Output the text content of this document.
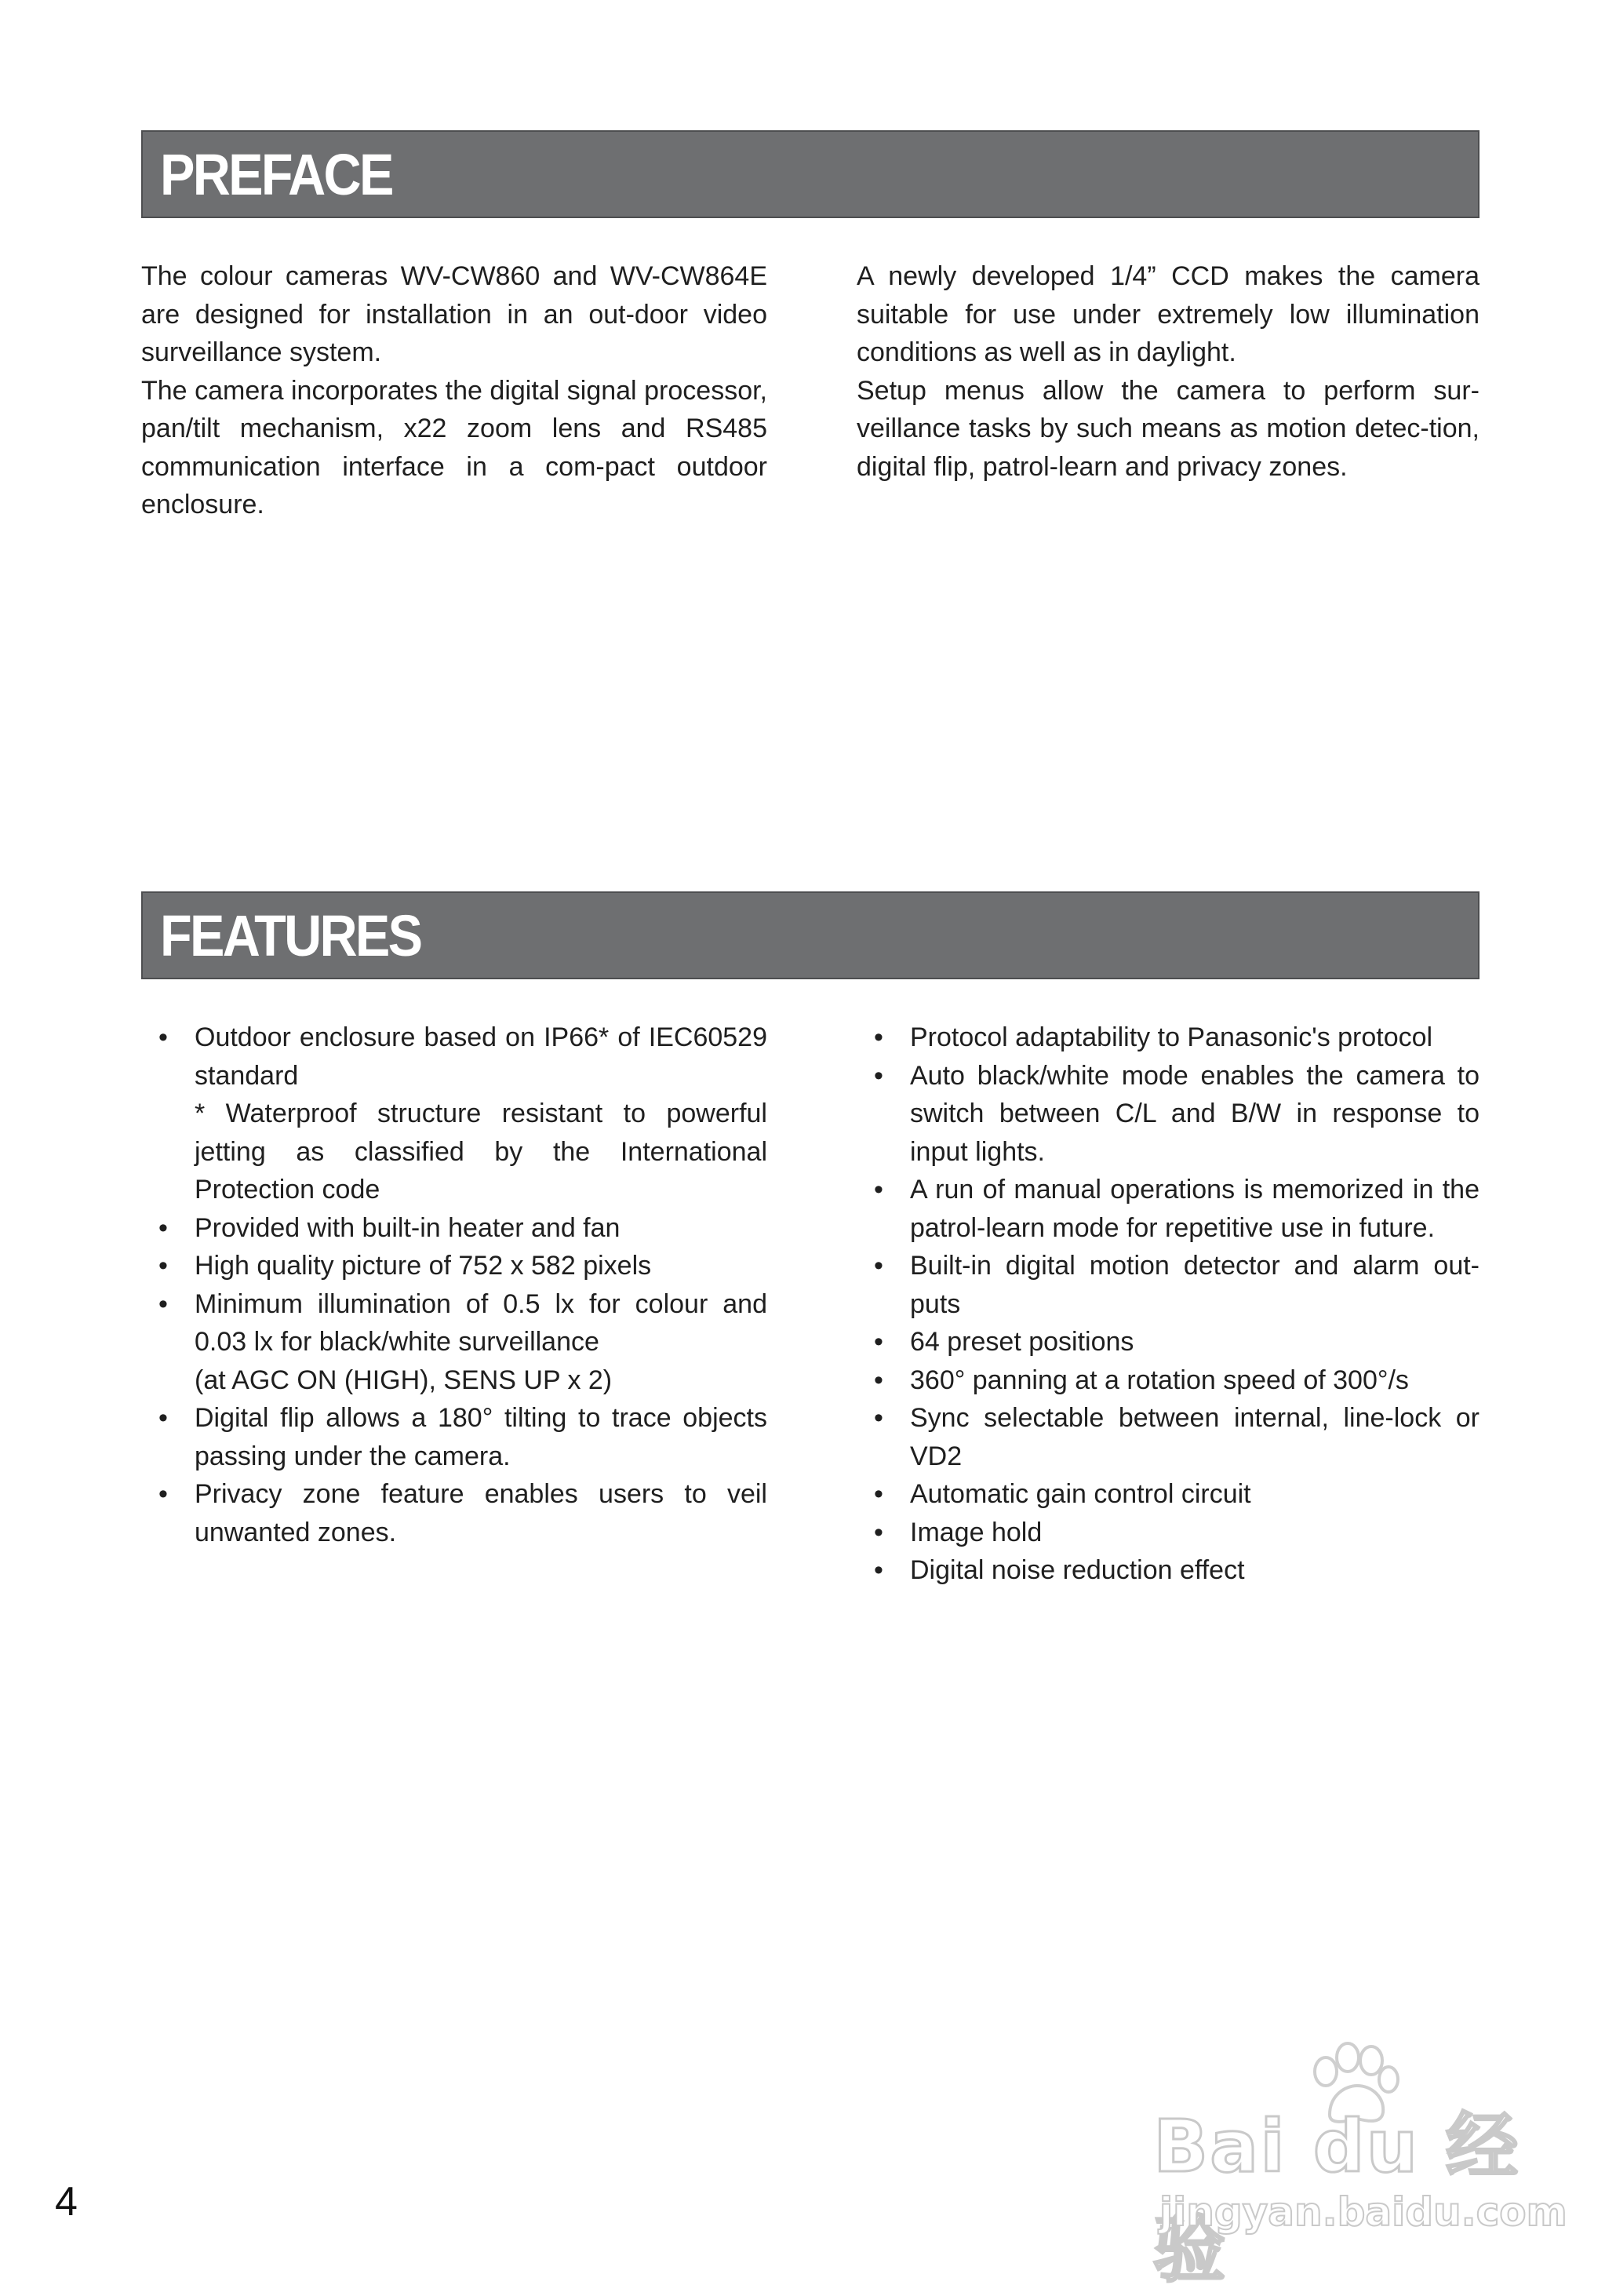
PREFACE

The colour cameras WV-CW860 and WV-CW864E are designed for installation in an out-door video surveillance system.

The camera incorporates the digital signal processor, pan/tilt mechanism, x22 zoom lens and RS485 communication interface in a com-pact outdoor enclosure.

A newly developed 1/4” CCD makes the camera suitable for use under extremely low illumination conditions as well as in daylight.

Setup menus allow the camera to perform sur-veillance tasks by such means as motion detec-tion, digital flip, patrol-learn and privacy zones.

FEATURES
• Outdoor enclosure based on IP66* of IEC60529 standard
* Waterproof structure resistant to powerful jetting as classified by the International Protection code
• Provided with built-in heater and fan
• High quality picture of 752 x 582 pixels
• Minimum illumination of 0.5 lx for colour and 0.03 lx for black/white surveillance
(at AGC ON (HIGH), SENS UP x 2)
• Digital flip allows a 180° tilting to trace objects passing under the camera.
• Privacy zone feature enables users to veil unwanted zones.
• Protocol adaptability to Panasonic's protocol
• Auto black/white mode enables the camera to switch between C/L and B/W in response to input lights.
• A run of manual operations is memorized in the patrol-learn mode for repetitive use in future.
• Built-in digital motion detector and alarm out-puts
• 64 preset positions
• 360° panning at a rotation speed of 300°/s
• Sync selectable between internal, line-lock or VD2
• Automatic gain control circuit
• Image hold
• Digital noise reduction effect
4
Bai du 经验
jingyan.baidu.com
